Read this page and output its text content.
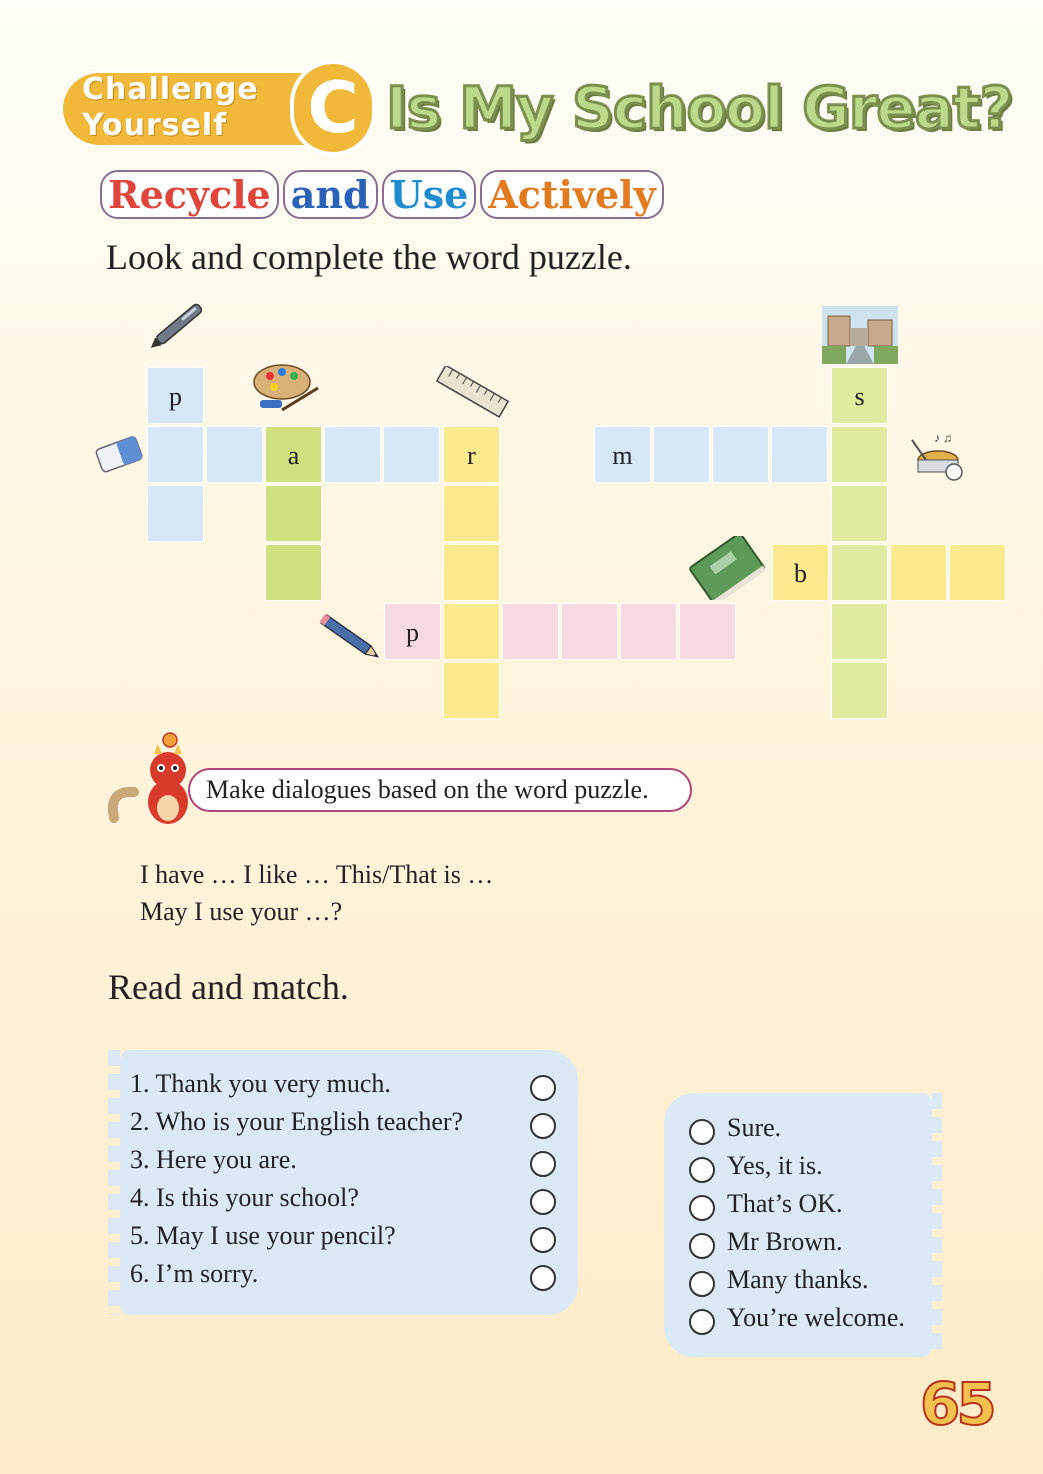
Challenge
Yourself	C Is My School Great?
Recycle and Use Actively
Look and complete the word puzzle.
♪ ♫
p
a	r
p
m
s
b
Make dialogues based on the word puzzle.
I have … I like … This/That is …
May I use your …?
Read and match.
1. Thank you very much.
2. Who is your English teacher?
3. Here you are.
4. Is this your school?
5. May I use your pencil?
6. I’m sorry.
Sure.
Yes, it is.
That’s OK.
Mr Brown.
Many thanks.
You’re welcome.
65
